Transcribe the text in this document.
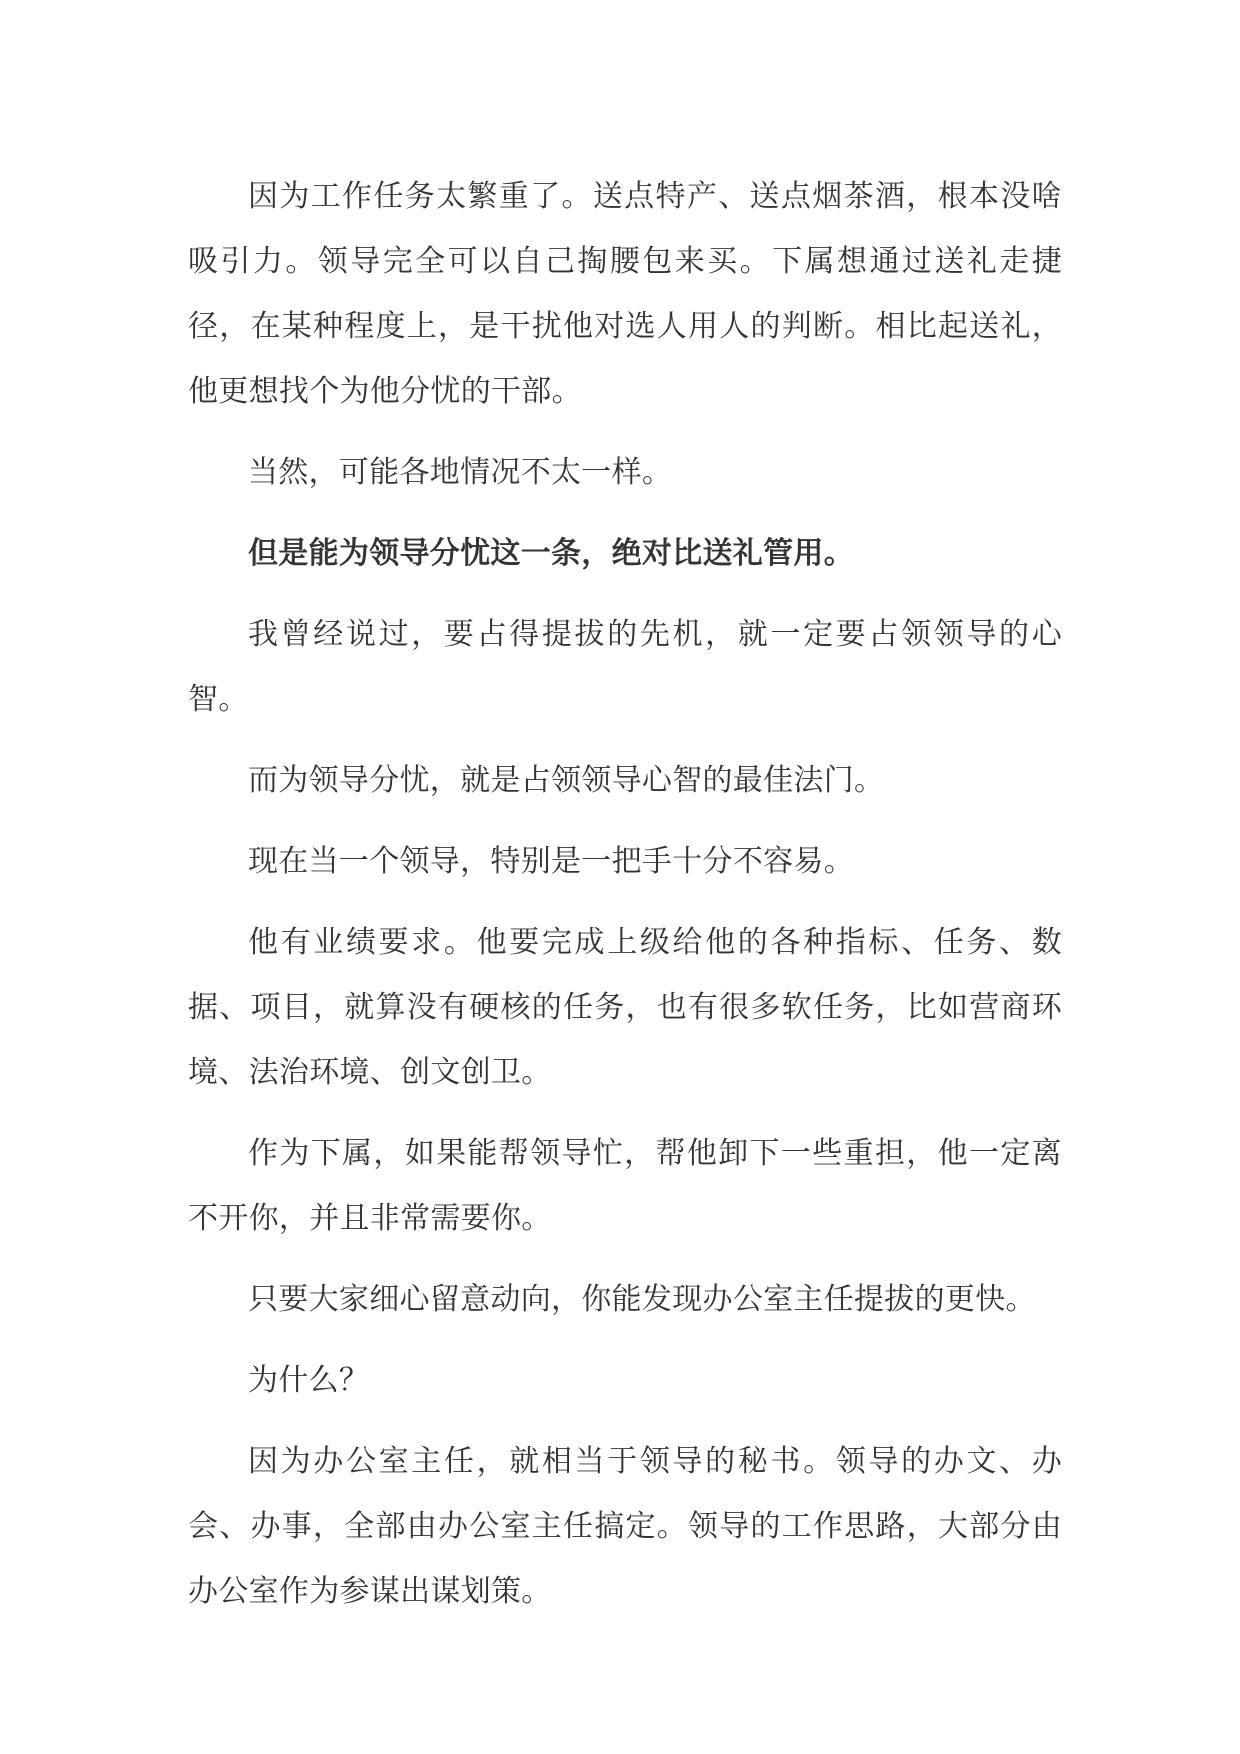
因为工作任务太繁重了。送点特产、送点烟茶酒，根本没啥吸引力。领导完全可以自己掏腰包来买。下属想通过送礼走捷径，在某种程度上，是干扰他对选人用人的判断。相比起送礼，他更想找个为他分忧的干部。

当然，可能各地情况不太一样。

但是能为领导分忧这一条，绝对比送礼管用。

我曾经说过，要占得提拔的先机，就一定要占领领导的心智。

而为领导分忧，就是占领领导心智的最佳法门。

现在当一个领导，特别是一把手十分不容易。

他有业绩要求。他要完成上级给他的各种指标、任务、数据、项目，就算没有硬核的任务，也有很多软任务，比如营商环境、法治环境、创文创卫。

作为下属，如果能帮领导忙，帮他卸下一些重担，他一定离不开你，并且非常需要你。

只要大家细心留意动向，你能发现办公室主任提拔的更快。

为什么？

因为办公室主任，就相当于领导的秘书。领导的办文、办会、办事，全部由办公室主任搞定。领导的工作思路，大部分由办公室作为参谋出谋划策。
